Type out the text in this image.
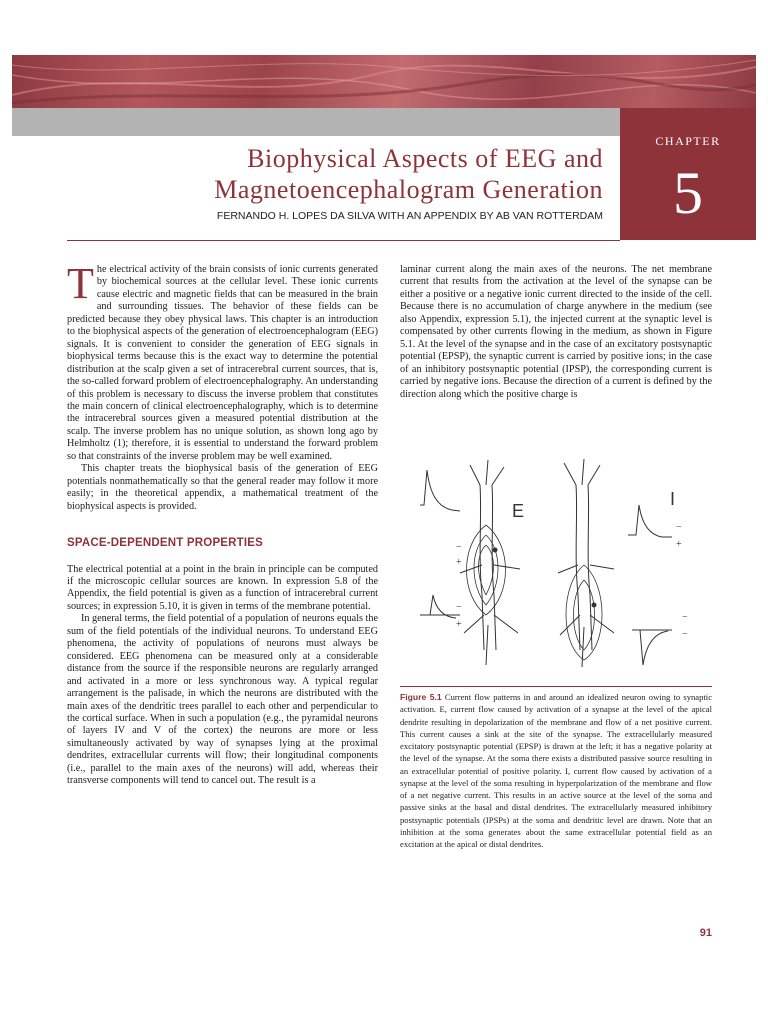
CHAPTER
5
Biophysical Aspects of EEG and
Magnetoencephalogram Generation
FERNANDO H. LOPES DA SILVA WITH AN APPENDIX BY AB VAN ROTTERDAM

The electrical activity of the brain consists of ionic currents generated by biochemical sources at the cellular level. These ionic currents cause electric and magnetic fields that can be measured in the brain and surrounding tissues. The behavior of these fields can be predicted because they obey physical laws. This chapter is an introduction to the biophysical aspects of the generation of electroencephalogram (EEG) signals. It is convenient to consider the generation of EEG signals in biophysical terms because this is the exact way to determine the potential distribution at the scalp given a set of intracerebral current sources, that is, the so-called forward problem of electroencephalography. An understanding of this problem is necessary to discuss the inverse problem that constitutes the main concern of clinical electroencephalography, which is to determine the intracerebral sources given a measured potential distribution at the scalp. The inverse problem has no unique solution, as shown long ago by Helmholtz (1); therefore, it is essential to understand the forward problem so that constraints of the inverse problem may be well examined.

This chapter treats the biophysical basis of the generation of EEG potentials nonmathematically so that the general reader may follow it more easily; in the theoretical appendix, a mathematical treatment of the biophysical aspects is provided.

SPACE-DEPENDENT PROPERTIES

The electrical potential at a point in the brain in principle can be computed if the microscopic cellular sources are known. In expression 5.8 of the Appendix, the field potential is given as a function of intracerebral current sources; in expression 5.10, it is given in terms of the membrane potential.

In general terms, the field potential of a population of neurons equals the sum of the field potentials of the individual neurons. To understand EEG phenomena, the activity of populations of neurons must always be considered. EEG phenomena can be measured only at a considerable distance from the source if the responsible neurons are regularly arranged and activated in a more or less synchronous way. A typical regular arrangement is the palisade, in which the neurons are distributed with the main axes of the dendritic trees parallel to each other and perpendicular to the cortical surface. When in such a population (e.g., the pyramidal neurons of layers IV and V of the cortex) the neurons are more or less simultaneously activated by way of synapses lying at the proximal dendrites, extracellular currents will flow; their longitudinal components (i.e., parallel to the main axes of the neurons) will add, whereas their transverse components will tend to cancel out. The result is a

laminar current along the main axes of the neurons. The net membrane current that results from the activation at the level of the synapse can be either a positive or a negative ionic current directed to the inside of the cell. Because there is no accumulation of charge anywhere in the medium (see also Appendix, expression 5.1), the injected current at the synaptic level is compensated by other currents flowing in the medium, as shown in Figure 5.1. At the level of the synapse and in the case of an excitatory postsynaptic potential (EPSP), the synaptic current is carried by positive ions; in the case of an inhibitory postsynaptic potential (IPSP), the corresponding current is carried by negative ions. Because the direction of a current is defined by the direction along which the positive charge is

E
I
−
+
−
+
−
+
−
−
Figure 5.1 Current flow patterns in and around an idealized neuron owing to synaptic activation. E, current flow caused by activation of a synapse at the level of the apical dendrite resulting in depolarization of the membrane and flow of a net positive current. This current causes a sink at the site of the synapse. The extracellularly measured excitatory postsynaptic potential (EPSP) is drawn at the left; it has a negative polarity at the level of the synapse. At the soma there exists a distributed passive source resulting in an extracellular potential of positive polarity. I, current flow caused by activation of a synapse at the level of the soma resulting in hyperpolarization of the membrane and flow of a net negative current. This results in an active source at the level of the soma and passive sinks at the basal and distal dendrites. The extracellularly measured inhibitory postsynaptic potentials (IPSPs) at the soma and dendritic level are drawn. Note that an inhibition at the soma generates about the same extracellular potential field as an excitation at the apical or distal dendrites.
91
